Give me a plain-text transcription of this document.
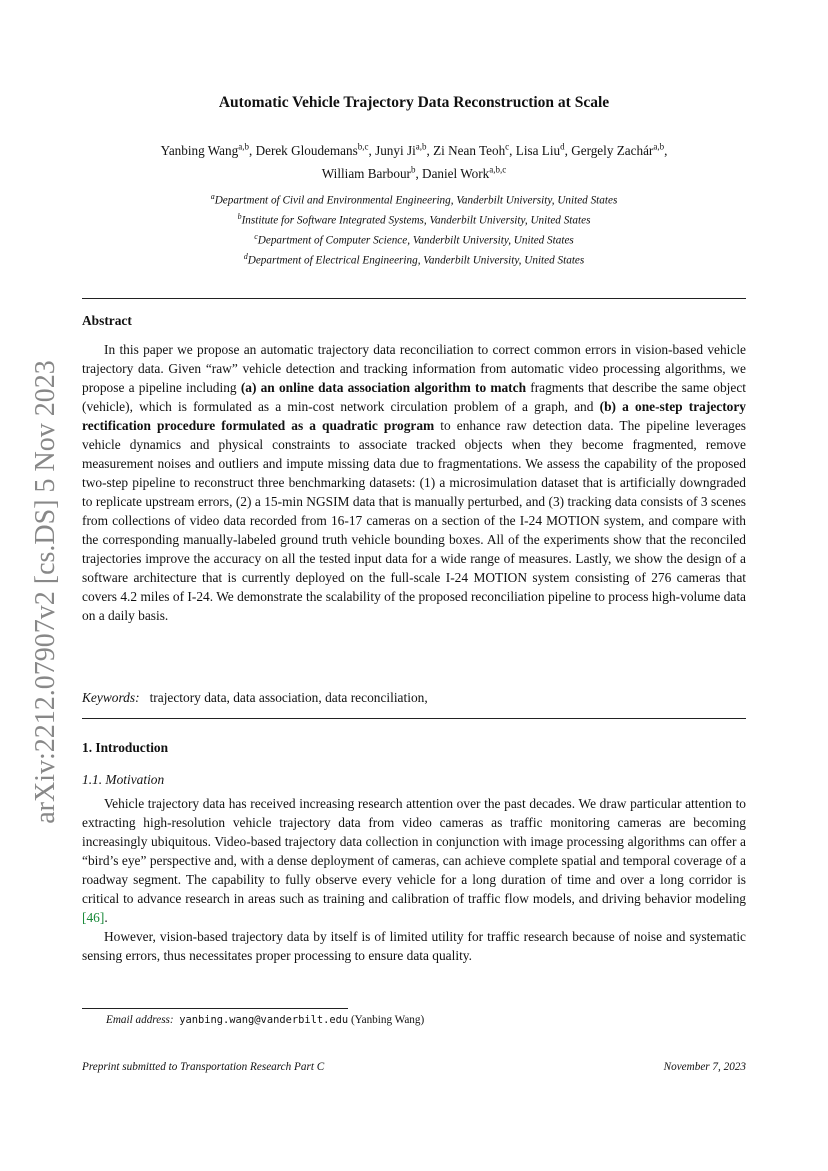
arXiv:2212.07907v2 [cs.DS] 5 Nov 2023
Automatic Vehicle Trajectory Data Reconstruction at Scale
Yanbing Wang$^{a,b}$, Derek Gloudemans$^{b,c}$, Junyi Ji$^{a,b}$, Zi Nean Teoh$^c$, Lisa Liu$^d$, Gergely Zachár$^{a,b}$,
William Barbour$^b$, Daniel Work$^{a,b,c}$
$^a$Department of Civil and Environmental Engineering, Vanderbilt University, United States
$^b$Institute for Software Integrated Systems, Vanderbilt University, United States
$^c$Department of Computer Science, Vanderbilt University, United States
$^d$Department of Electrical Engineering, Vanderbilt University, United States
Abstract

In this paper we propose an automatic trajectory data reconciliation to correct common errors in vision-based vehicle trajectory data. Given “raw” vehicle detection and tracking information from automatic video processing algorithms, we propose a pipeline including (a) an online data association algorithm to match fragments that describe the same object (vehicle), which is formulated as a min-cost network circulation problem of a graph, and (b) a one-step trajectory rectification procedure formulated as a quadratic program to enhance raw detection data. The pipeline leverages vehicle dynamics and physical constraints to associate tracked objects when they become fragmented, remove measurement noises and outliers and impute missing data due to fragmentations. We assess the capability of the proposed two-step pipeline to reconstruct three benchmarking datasets: (1) a microsimulation dataset that is artificially downgraded to replicate upstream errors, (2) a 15-min NGSIM data that is manually perturbed, and (3) tracking data consists of 3 scenes from collections of video data recorded from 16-17 cameras on a section of the I-24 MOTION system, and compare with the corresponding manually-labeled ground truth vehicle bounding boxes. All of the experiments show that the reconciled trajectories improve the accuracy on all the tested input data for a wide range of measures. Lastly, we show the design of a software architecture that is currently deployed on the full-scale I-24 MOTION system consisting of 276 cameras that covers 4.2 miles of I-24. We demonstrate the scalability of the proposed reconciliation pipeline to process high-volume data on a daily basis.

Keywords: trajectory data, data association, data reconciliation,

1. Introduction
1.1. Motivation

Vehicle trajectory data has received increasing research attention over the past decades. We draw particular attention to extracting high-resolution vehicle trajectory data from video cameras as traffic monitoring cameras are becoming increasingly ubiquitous. Video-based trajectory data collection in conjunction with image processing algorithms can offer a “bird’s eye” perspective and, with a dense deployment of cameras, can achieve complete spatial and temporal coverage of a roadway segment. The capability to fully observe every vehicle for a long duration of time and over a long corridor is critical to advance research in areas such as training and calibration of traffic flow models, and driving behavior modeling [46].

However, vision-based trajectory data by itself is of limited utility for traffic research because of noise and systematic sensing errors, thus necessitates proper processing to ensure data quality.

Email address: yanbing.wang@vanderbilt.edu (Yanbing Wang)
Preprint submitted to Transportation Research Part C	November 7, 2023
